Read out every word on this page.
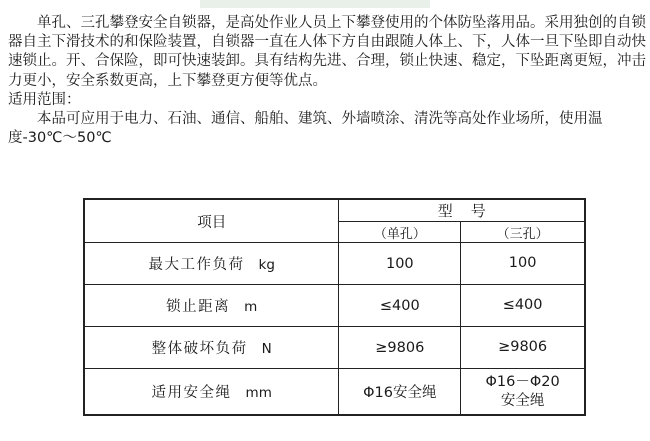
单孔、三孔攀登安全自锁器，是高处作业人员上下攀登使用的个体防坠落用品。采用独创的自锁器自主下滑技术的和保险装置，自锁器一直在人体下方自由跟随人体上、下，人体一旦下坠即自动快速锁止。开、合保险，即可快速装卸。具有结构先进、合理，锁止快速、稳定，下坠距离更短，冲击力更小，安全系数更高，上下攀登更方便等优点。

适用范围：

本品可应用于电力、石油、通信、船舶、建筑、外墙喷涂、清洗等高处作业场所，使用温度-30℃～50℃

项目	型号	
	（单孔）	（三孔）
最大工作负荷 kg	100	100

锁止距离 m	≤400	≤400

整体破坏负荷 N	≥9806	≥9806

适用安全绳 mm	Φ16安全绳	Φ16－Φ20
安全绳
